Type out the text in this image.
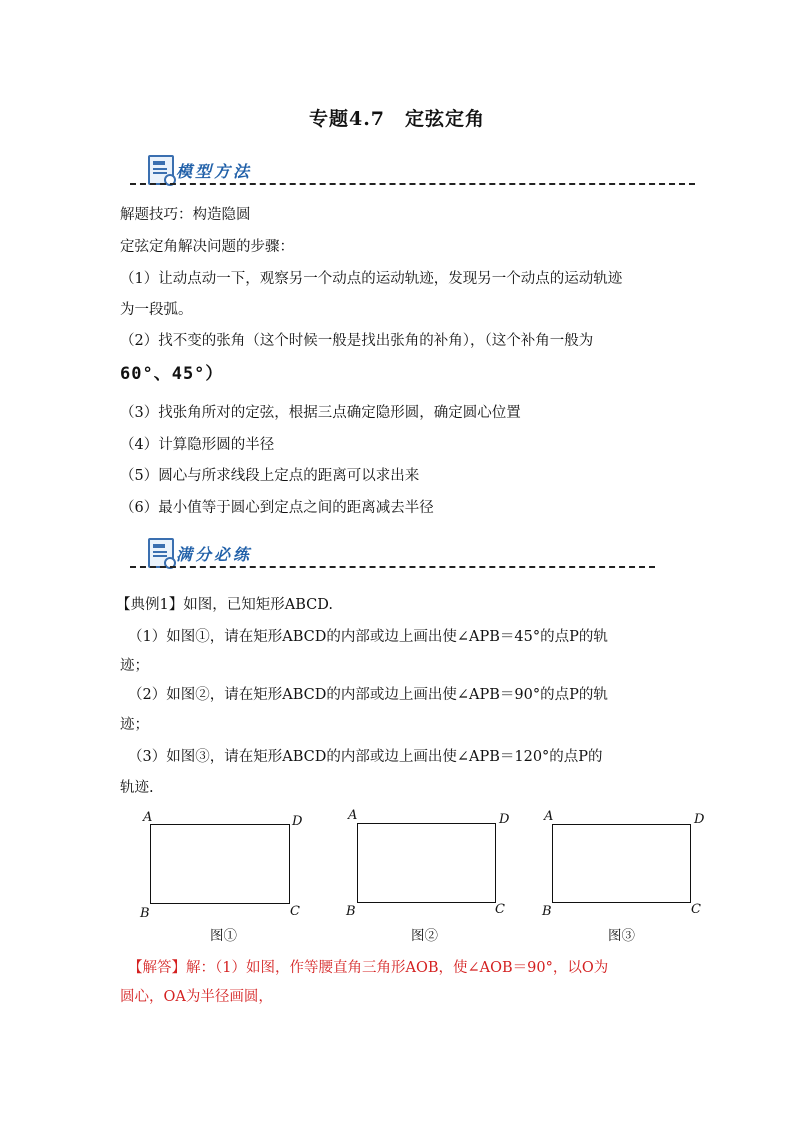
专题4.7　定弦定角
模型方法
解题技巧：构造隐圆
定弦定角解决问题的步骤：
（1）让动点动一下，观察另一个动点的运动轨迹，发现另一个动点的运动轨迹
为一段弧。
（2）找不变的张角（这个时候一般是找出张角的补角），（这个补角一般为
60°、45°）
（3）找张角所对的定弦，根据三点确定隐形圆，确定圆心位置
（4）计算隐形圆的半径
（5）圆心与所求线段上定点的距离可以求出来
（6）最小值等于圆心到定点之间的距离减去半径
满分必练
【典例1】如图，已知矩形ABCD.
（1）如图①，请在矩形ABCD的内部或边上画出使∠APB＝45°的点P的轨
迹；
（2）如图②，请在矩形ABCD的内部或边上画出使∠APB＝90°的点P的轨
迹；
（3）如图③，请在矩形ABCD的内部或边上画出使∠APB＝120°的点P的
轨迹.
A	D
B	C
图①
A	D
B	C
图②
A	D
B	C
图③
【解答】解：（1）如图，作等腰直角三角形AOB，使∠AOB＝90°，以O为
圆心，OA为半径画圆，
